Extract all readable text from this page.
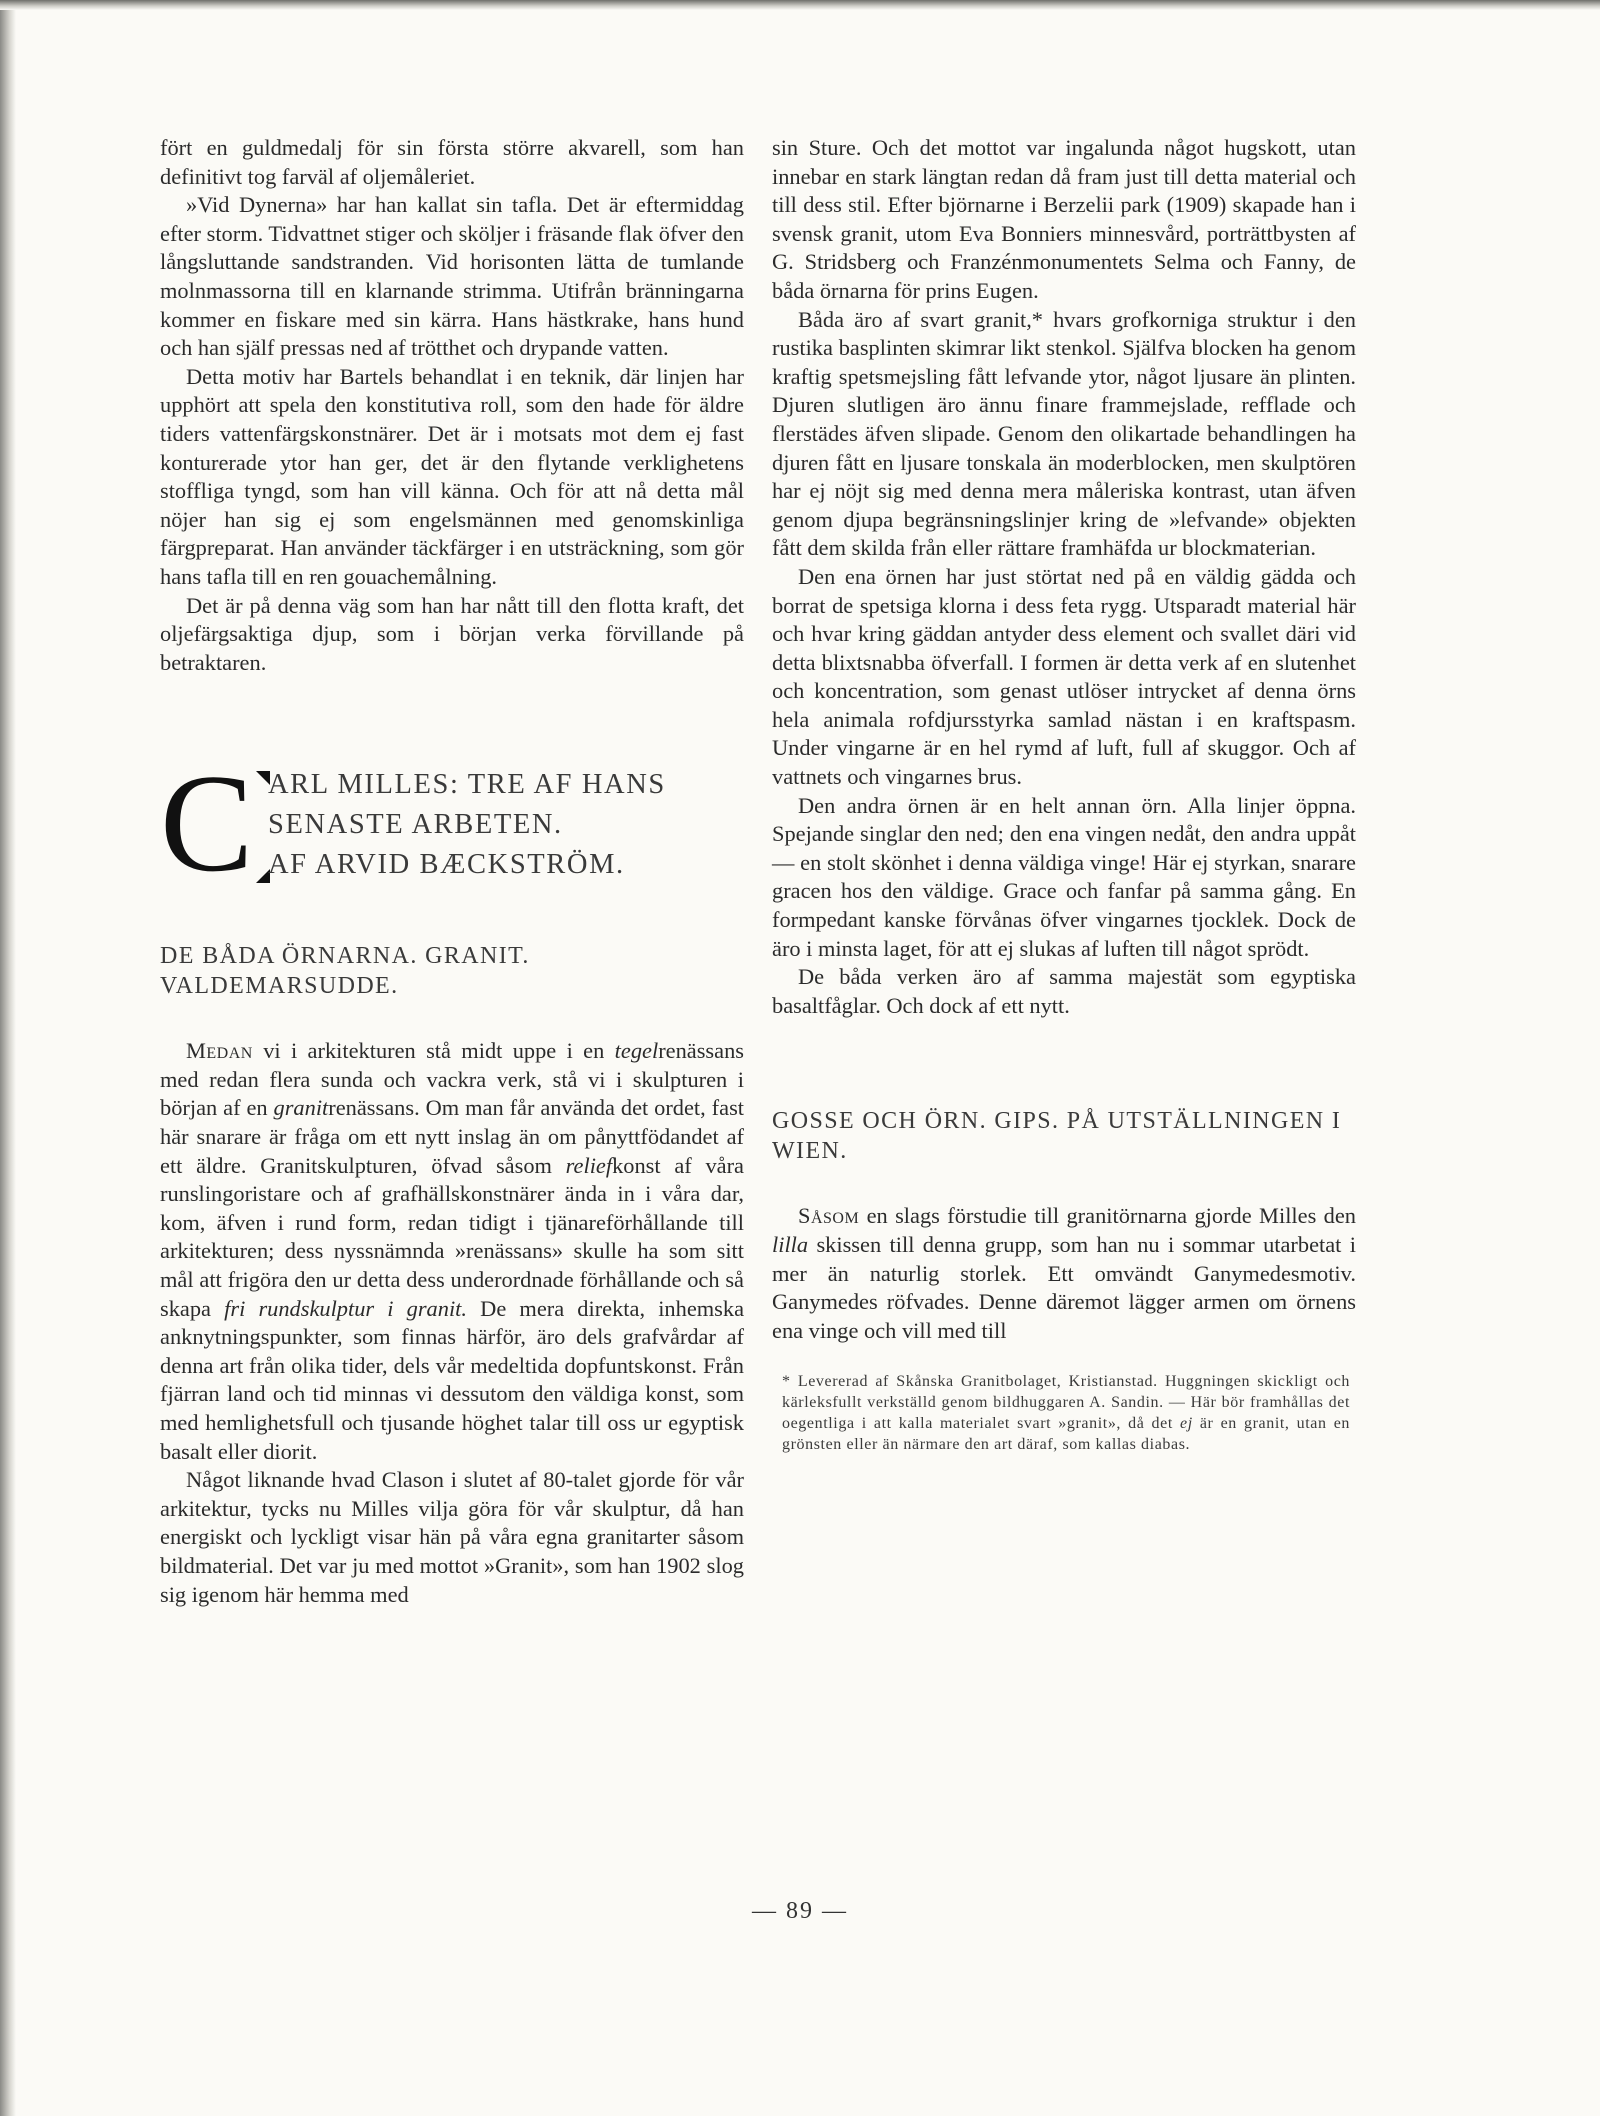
fört en guldmedalj för sin första större akvarell, som han definitivt tog farväl af oljemåleriet.

»Vid Dynerna» har han kallat sin tafla. Det är eftermiddag efter storm. Tidvattnet stiger och sköljer i fräsande flak öfver den långsluttande sandstranden. Vid horisonten lätta de tumlande molnmassorna till en klarnande strimma. Utifrån bränningarna kommer en fiskare med sin kärra. Hans hästkrake, hans hund och han själf pressas ned af trötthet och drypande vatten.

Detta motiv har Bartels behandlat i en teknik, där linjen har upphört att spela den konstitutiva roll, som den hade för äldre tiders vattenfärgskonstnärer. Det är i motsats mot dem ej fast konturerade ytor han ger, det är den flytande verklighetens stoffliga tyngd, som han vill känna. Och för att nå detta mål nöjer han sig ej som engelsmännen med genomskinliga färgpreparat. Han använder täckfärger i en utsträckning, som gör hans tafla till en ren gouachemålning.

Det är på denna väg som han har nått till den flotta kraft, det oljefärgsaktiga djup, som i början verka förvillande på betraktaren.

C ARL MILLES: TRE AF HANS
SENASTE ARBETEN.
AF ARVID BÆCKSTRÖM.
DE BÅDA ÖRNARNA. GRANIT. VALDEMARSUDDE.

Medan vi i arkitekturen stå midt uppe i en tegelrenässans med redan flera sunda och vackra verk, stå vi i skulpturen i början af en granitrenässans. Om man får använda det ordet, fast här snarare är fråga om ett nytt inslag än om pånyttfödandet af ett äldre. Granitskulpturen, öfvad såsom reliefkonst af våra runslingoristare och af grafhällskonstnärer ända in i våra dar, kom, äfven i rund form, redan tidigt i tjänareförhållande till arkitekturen; dess nyssnämnda »renässans» skulle ha som sitt mål att frigöra den ur detta dess underordnade förhållande och så skapa fri rundskulptur i granit. De mera direkta, inhemska anknytningspunkter, som finnas härför, äro dels grafvårdar af denna art från olika tider, dels vår medeltida dopfuntskonst. Från fjärran land och tid minnas vi dessutom den väldiga konst, som med hemlighetsfull och tjusande höghet talar till oss ur egyptisk basalt eller diorit.

Något liknande hvad Clason i slutet af 80-talet gjorde för vår arkitektur, tycks nu Milles vilja göra för vår skulptur, då han energiskt och lyckligt visar hän på våra egna granitarter såsom bildmaterial. Det var ju med mottot »Granit», som han 1902 slog sig igenom här hemma med

sin Sture. Och det mottot var ingalunda något hugskott, utan innebar en stark längtan redan då fram just till detta material och till dess stil. Efter björnarne i Berzelii park (1909) skapade han i svensk granit, utom Eva Bonniers minnesvård, porträttbysten af G. Stridsberg och Franzénmonumentets Selma och Fanny, de båda örnarna för prins Eugen.

Båda äro af svart granit,* hvars grofkorniga struktur i den rustika basplinten skimrar likt stenkol. Själfva blocken ha genom kraftig spetsmejsling fått lefvande ytor, något ljusare än plinten. Djuren slutligen äro ännu finare frammejslade, refflade och flerstädes äfven slipade. Genom den olikartade behandlingen ha djuren fått en ljusare tonskala än moderblocken, men skulptören har ej nöjt sig med denna mera måleriska kontrast, utan äfven genom djupa begränsningslinjer kring de »lefvande» objekten fått dem skilda från eller rättare framhäfda ur blockmaterian.

Den ena örnen har just störtat ned på en väldig gädda och borrat de spetsiga klorna i dess feta rygg. Utsparadt material här och hvar kring gäddan antyder dess element och svallet däri vid detta blixtsnabba öfverfall. I formen är detta verk af en slutenhet och koncentration, som genast utlöser intrycket af denna örns hela animala rofdjursstyrka samlad nästan i en kraftspasm. Under vingarne är en hel rymd af luft, full af skuggor. Och af vattnets och vingarnes brus.

Den andra örnen är en helt annan örn. Alla linjer öppna. Spejande singlar den ned; den ena vingen nedåt, den andra uppåt — en stolt skönhet i denna väldiga vinge! Här ej styrkan, snarare gracen hos den väldige. Grace och fanfar på samma gång. En formpedant kanske förvånas öfver vingarnes tjocklek. Dock de äro i minsta laget, för att ej slukas af luften till något sprödt.

De båda verken äro af samma majestät som egyptiska basaltfåglar. Och dock af ett nytt.

GOSSE OCH ÖRN. GIPS. PÅ UTSTÄLLNINGEN I WIEN.

Såsom en slags förstudie till granitörnarna gjorde Milles den lilla skissen till denna grupp, som han nu i sommar utarbetat i mer än naturlig storlek. Ett omvändt Ganymedesmotiv. Ganymedes röfvades. Denne däremot lägger armen om örnens ena vinge och vill med till

* Levererad af Skånska Granitbolaget, Kristianstad. Huggningen skickligt och kärleksfullt verkställd genom bildhuggaren A. Sandin. — Här bör framhållas det oegentliga i att kalla materialet svart »granit», då det ej är en granit, utan en grönsten eller än närmare den art däraf, som kallas diabas.
— 89 —
